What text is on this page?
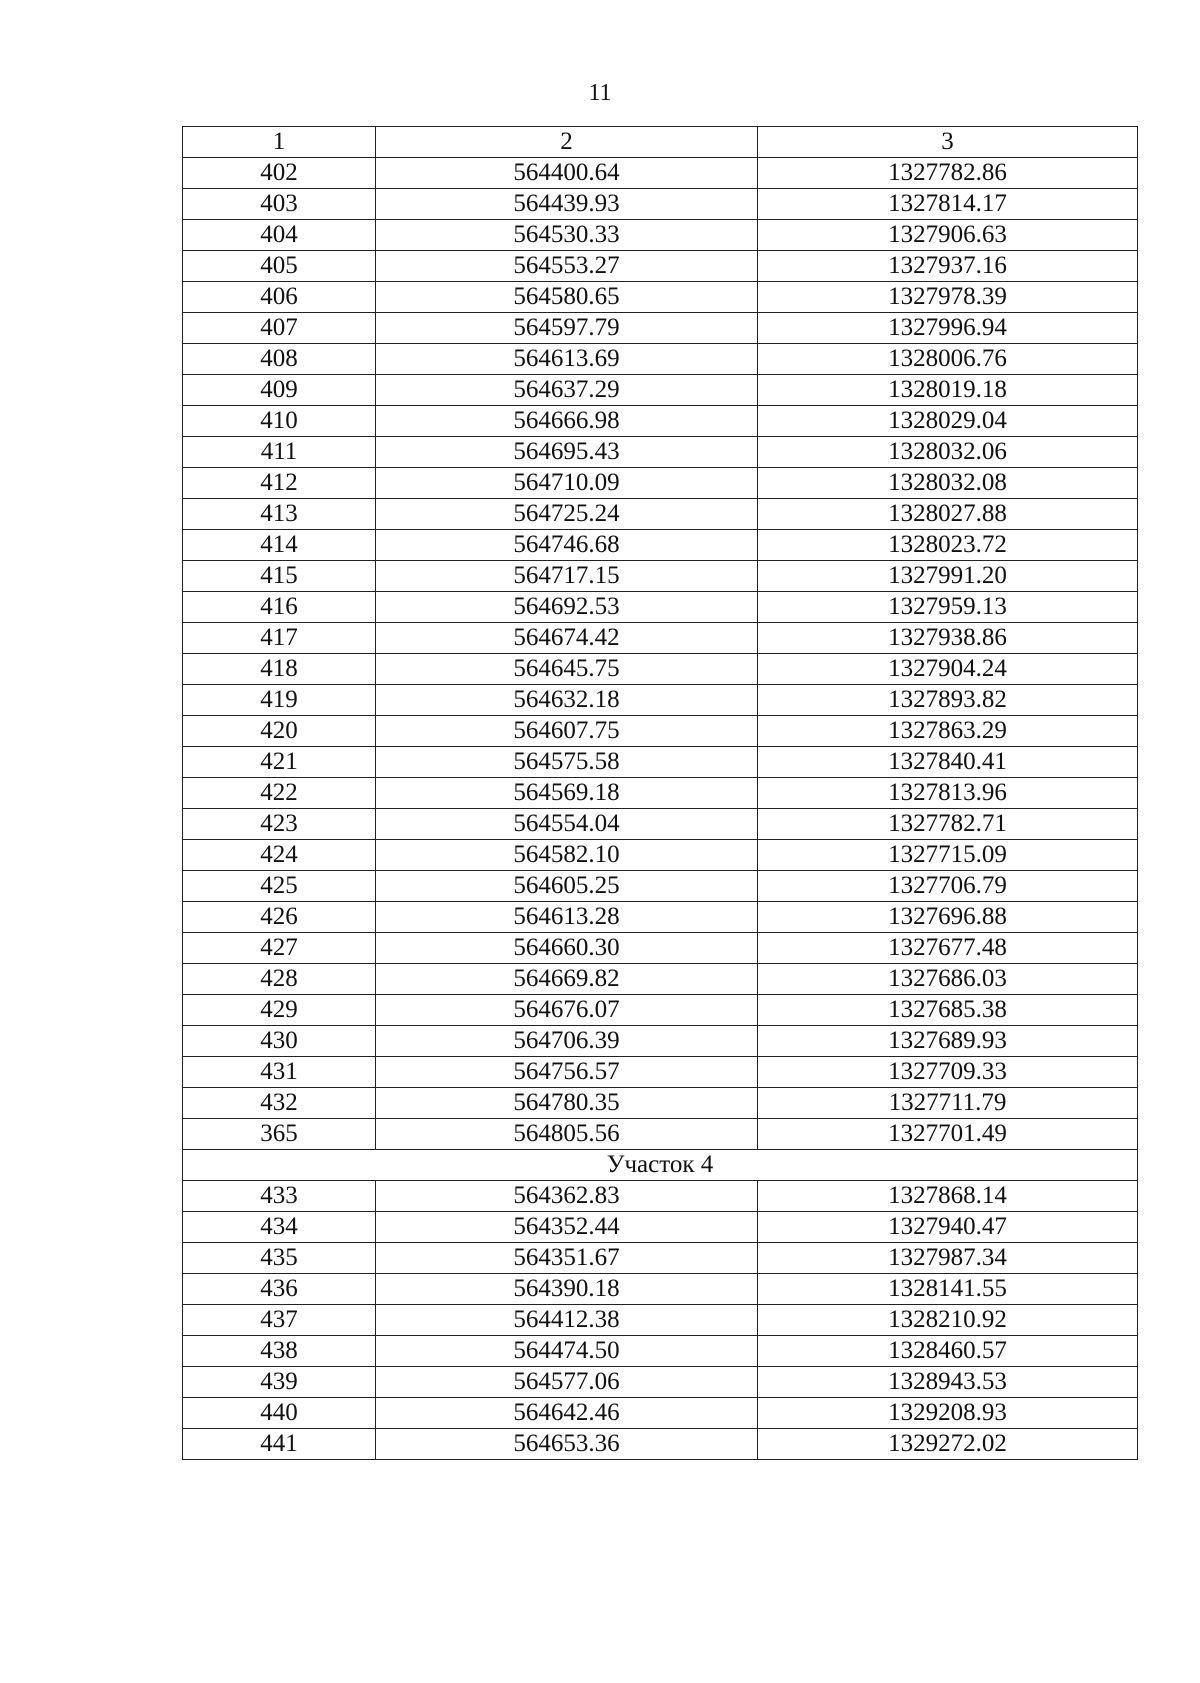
11
1	2	3
402	564400.64	1327782.86
403	564439.93	1327814.17
404	564530.33	1327906.63
405	564553.27	1327937.16
406	564580.65	1327978.39
407	564597.79	1327996.94
408	564613.69	1328006.76
409	564637.29	1328019.18
410	564666.98	1328029.04
411	564695.43	1328032.06
412	564710.09	1328032.08
413	564725.24	1328027.88
414	564746.68	1328023.72
415	564717.15	1327991.20
416	564692.53	1327959.13
417	564674.42	1327938.86
418	564645.75	1327904.24
419	564632.18	1327893.82
420	564607.75	1327863.29
421	564575.58	1327840.41
422	564569.18	1327813.96
423	564554.04	1327782.71
424	564582.10	1327715.09
425	564605.25	1327706.79
426	564613.28	1327696.88
427	564660.30	1327677.48
428	564669.82	1327686.03
429	564676.07	1327685.38
430	564706.39	1327689.93
431	564756.57	1327709.33
432	564780.35	1327711.79
365	564805.56	1327701.49
Участок 4		
433	564362.83	1327868.14
434	564352.44	1327940.47
435	564351.67	1327987.34
436	564390.18	1328141.55
437	564412.38	1328210.92
438	564474.50	1328460.57
439	564577.06	1328943.53
440	564642.46	1329208.93
441	564653.36	1329272.02
